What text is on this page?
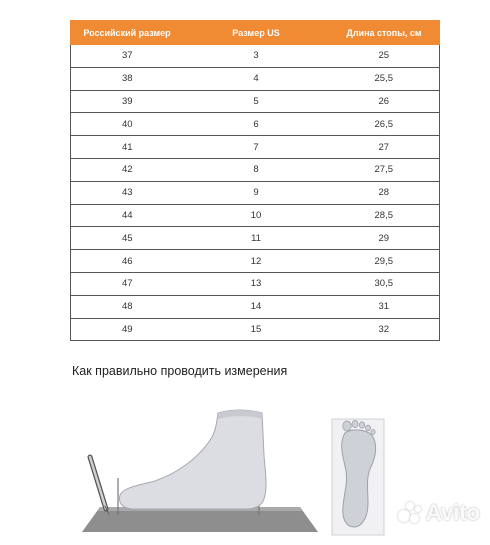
Российский размер	Размер US	Длина стопы, см
37	3	25
38	4	25,5
39	5	26
40	6	26,5
41	7	27
42	8	27,5
43	9	28
44	10	28,5
45	11	29
46	12	29,5
47	13	30,5
48	14	31
49	15	32
Как правильно проводить измерения
Avito
